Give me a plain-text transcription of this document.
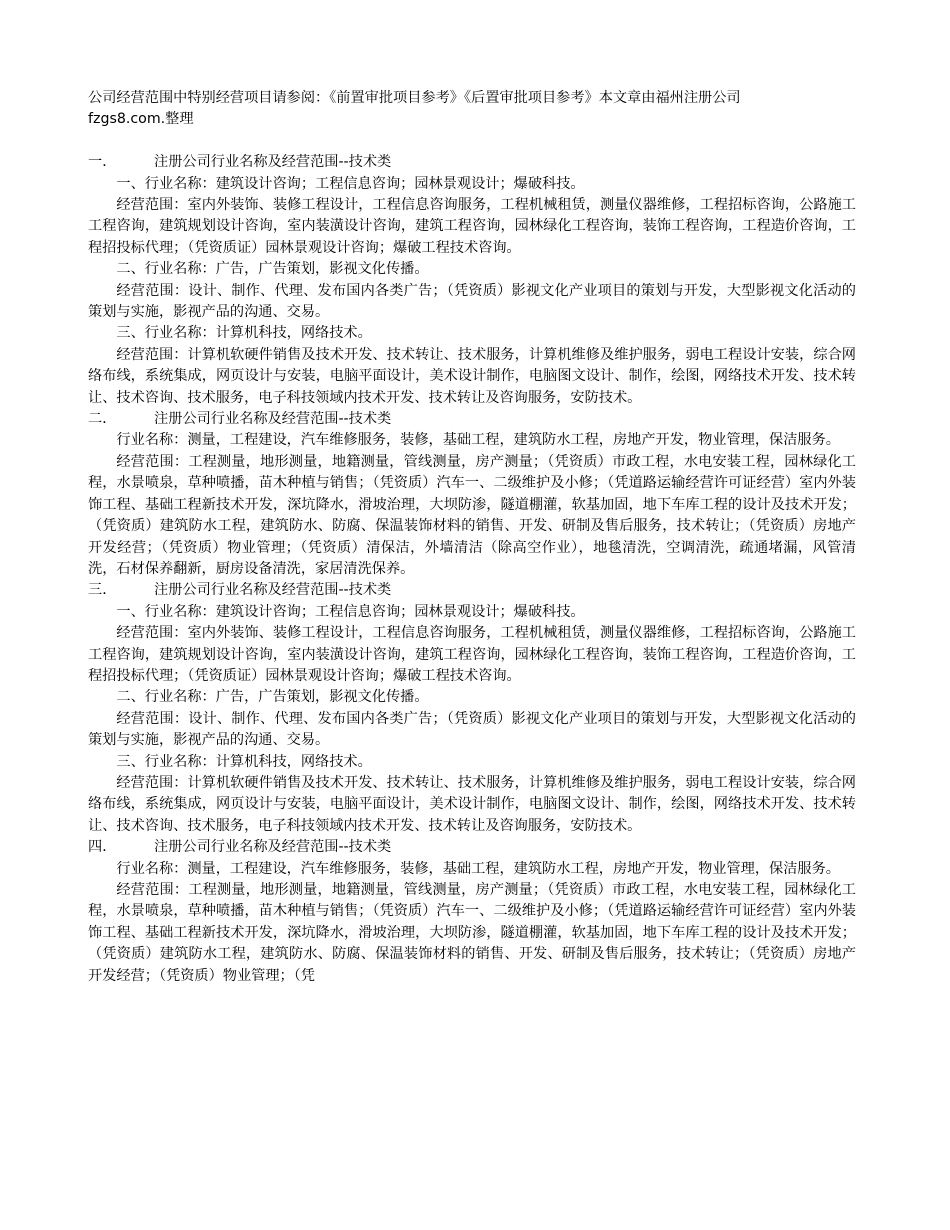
公司经营范围中特别经营项目请参阅：《前置审批项目参考》《后置审批项目参考》本文章由福州注册公司

fzgs8.com.整理

一．	注册公司行业名称及经营范围--技术类

一、行业名称：建筑设计咨询；工程信息咨询；园林景观设计；爆破科技。

经营范围：室内外装饰、装修工程设计，工程信息咨询服务，工程机械租赁，测量仪器维修，工程招标咨询，公路施工工程咨询，建筑规划设计咨询，室内装潢设计咨询，建筑工程咨询，园林绿化工程咨询，装饰工程咨询，工程造价咨询，工程招投标代理；（凭资质证）园林景观设计咨询；爆破工程技术咨询。

二、行业名称：广告，广告策划，影视文化传播。

经营范围：设计、制作、代理、发布国内各类广告；（凭资质）影视文化产业项目的策划与开发，大型影视文化活动的策划与实施，影视产品的沟通、交易。

三、行业名称：计算机科技，网络技术。

经营范围：计算机软硬件销售及技术开发、技术转让、技术服务，计算机维修及维护服务，弱电工程设计安装，综合网络布线，系统集成，网页设计与安装，电脑平面设计，美术设计制作，电脑图文设计、制作，绘图，网络技术开发、技术转让、技术咨询、技术服务，电子科技领域内技术开发、技术转让及咨询服务，安防技术。

二．	注册公司行业名称及经营范围--技术类

行业名称：测量，工程建设，汽车维修服务，装修，基础工程，建筑防水工程，房地产开发，物业管理，保洁服务。

经营范围：工程测量，地形测量，地籍测量，管线测量，房产测量；（凭资质）市政工程，水电安装工程，园林绿化工程，水景喷泉，草种喷播，苗木种植与销售；（凭资质）汽车一、二级维护及小修；（凭道路运输经营许可证经营）室内外装饰工程、基础工程新技术开发，深坑降水，滑坡治理，大坝防渗，隧道棚灌，软基加固，地下车库工程的设计及技术开发；（凭资质）建筑防水工程，建筑防水、防腐、保温装饰材料的销售、开发、研制及售后服务，技术转让；（凭资质）房地产开发经营；（凭资质）物业管理；（凭资质）清保洁，外墙清洁（除高空作业），地毯清洗，空调清洗，疏通堵漏，风管清洗，石材保养翻新，厨房设备清洗，家居清洗保养。

三．	注册公司行业名称及经营范围--技术类

一、行业名称：建筑设计咨询；工程信息咨询；园林景观设计；爆破科技。

经营范围：室内外装饰、装修工程设计，工程信息咨询服务，工程机械租赁，测量仪器维修，工程招标咨询，公路施工工程咨询，建筑规划设计咨询，室内装潢设计咨询，建筑工程咨询，园林绿化工程咨询，装饰工程咨询，工程造价咨询，工程招投标代理；（凭资质证）园林景观设计咨询；爆破工程技术咨询。

二、行业名称：广告，广告策划，影视文化传播。

经营范围：设计、制作、代理、发布国内各类广告；（凭资质）影视文化产业项目的策划与开发，大型影视文化活动的策划与实施，影视产品的沟通、交易。

三、行业名称：计算机科技，网络技术。

经营范围：计算机软硬件销售及技术开发、技术转让、技术服务，计算机维修及维护服务，弱电工程设计安装，综合网络布线，系统集成，网页设计与安装，电脑平面设计，美术设计制作，电脑图文设计、制作，绘图，网络技术开发、技术转让、技术咨询、技术服务，电子科技领域内技术开发、技术转让及咨询服务，安防技术。

四．	注册公司行业名称及经营范围--技术类

行业名称：测量，工程建设，汽车维修服务，装修，基础工程，建筑防水工程，房地产开发，物业管理，保洁服务。

经营范围：工程测量，地形测量，地籍测量，管线测量，房产测量；（凭资质）市政工程，水电安装工程，园林绿化工程，水景喷泉，草种喷播，苗木种植与销售；（凭资质）汽车一、二级维护及小修；（凭道路运输经营许可证经营）室内外装饰工程、基础工程新技术开发，深坑降水，滑坡治理，大坝防渗，隧道棚灌，软基加固，地下车库工程的设计及技术开发；（凭资质）建筑防水工程，建筑防水、防腐、保温装饰材料的销售、开发、研制及售后服务，技术转让；（凭资质）房地产开发经营；（凭资质）物业管理；（凭
